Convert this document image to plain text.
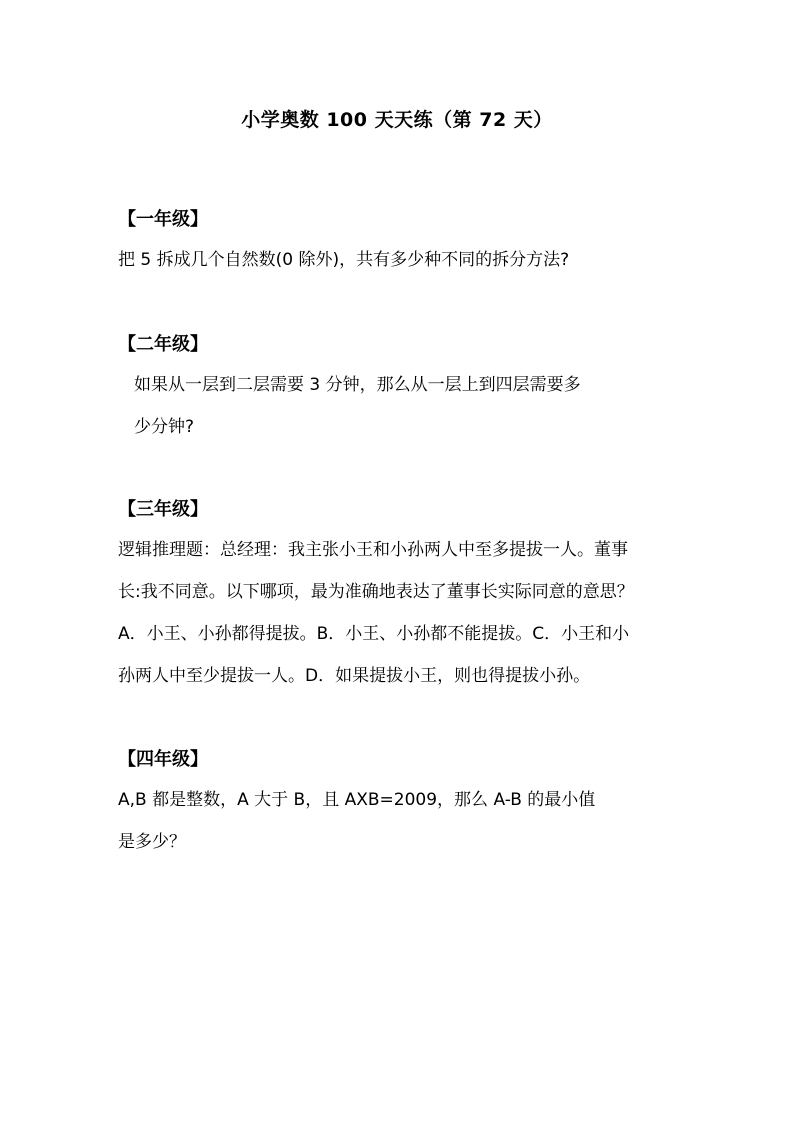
小学奥数 100 天天练（第 72 天）
【一年级】
把 5 拆成几个自然数(0 除外)，共有多少种不同的拆分方法?
【二年级】
如果从一层到二层需要 3 分钟，那么从一层上到四层需要多
少分钟?
【三年级】
逻辑推理题：总经理：我主张小王和小孙两人中至多提拔一人。董事
长:我不同意。以下哪项，最为准确地表达了董事长实际同意的意思？
A．小王、小孙都得提拔。B．小王、小孙都不能提拔。C．小王和小
孙两人中至少提拔一人。D．如果提拔小王，则也得提拔小孙。
【四年级】
A,B 都是整数，A 大于 B，且 AXB=2009，那么 A-B 的最小值
是多少？
